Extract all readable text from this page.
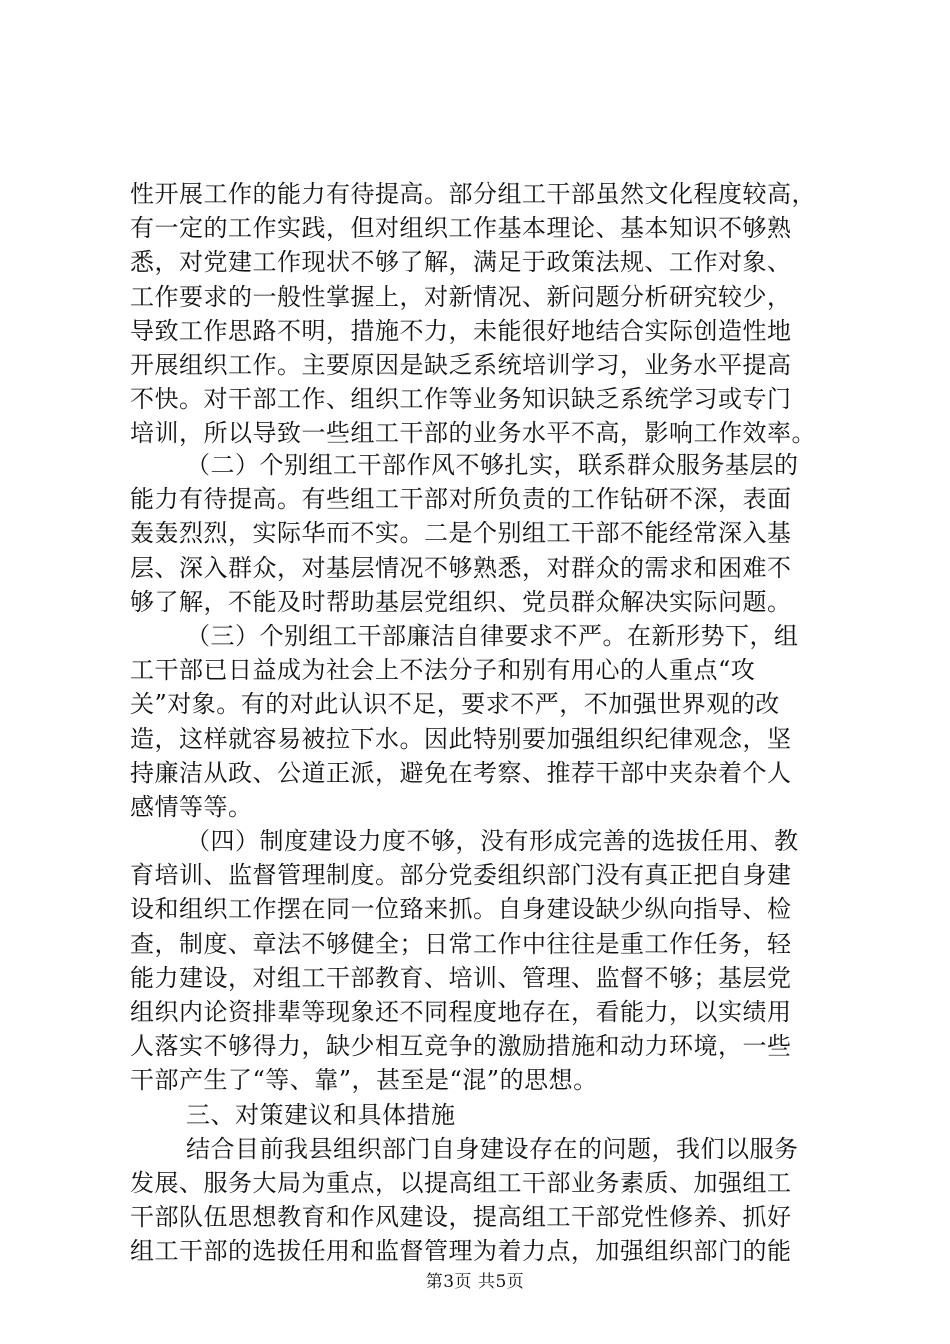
性开展工作的能力有待提高。部分组工干部虽然文化程度较高，
有一定的工作实践，但对组织工作基本理论、基本知识不够熟
悉，对党建工作现状不够了解，满足于政策法规、工作对象、
工作要求的一般性掌握上，对新情况、新问题分析研究较少，
导致工作思路不明，措施不力，未能很好地结合实际创造性地
开展组织工作。主要原因是缺乏系统培训学习，业务水平提高
不快。对干部工作、组织工作等业务知识缺乏系统学习或专门
培训，所以导致一些组工干部的业务水平不高，影响工作效率。
（二）个别组工干部作风不够扎实，联系群众服务基层的
能力有待提高。有些组工干部对所负责的工作钻研不深，表面
轰轰烈烈，实际华而不实。二是个别组工干部不能经常深入基
层、深入群众，对基层情况不够熟悉，对群众的需求和困难不
够了解，不能及时帮助基层党组织、党员群众解决实际问题。
（三）个别组工干部廉洁自律要求不严。在新形势下，组
工干部已日益成为社会上不法分子和别有用心的人重点“攻
关”对象。有的对此认识不足，要求不严，不加强世界观的改
造，这样就容易被拉下水。因此特别要加强组织纪律观念，坚
持廉洁从政、公道正派，避免在考察、推荐干部中夹杂着个人
感情等等。
（四）制度建设力度不够，没有形成完善的选拔任用、教
育培训、监督管理制度。部分党委组织部门没有真正把自身建
设和组织工作摆在同一位臵来抓。自身建设缺少纵向指导、检
查，制度、章法不够健全；日常工作中往往是重工作任务，轻
能力建设，对组工干部教育、培训、管理、监督不够；基层党
组织内论资排辈等现象还不同程度地存在，看能力，以实绩用
人落实不够得力，缺少相互竞争的激励措施和动力环境，一些
干部产生了“等、靠”，甚至是“混”的思想。
三、对策建议和具体措施
结合目前我县组织部门自身建设存在的问题，我们以服务
发展、服务大局为重点，以提高组工干部业务素质、加强组工
干部队伍思想教育和作风建设，提高组工干部党性修养、抓好
组工干部的选拔任用和监督管理为着力点，加强组织部门的能
第3页 共5页
